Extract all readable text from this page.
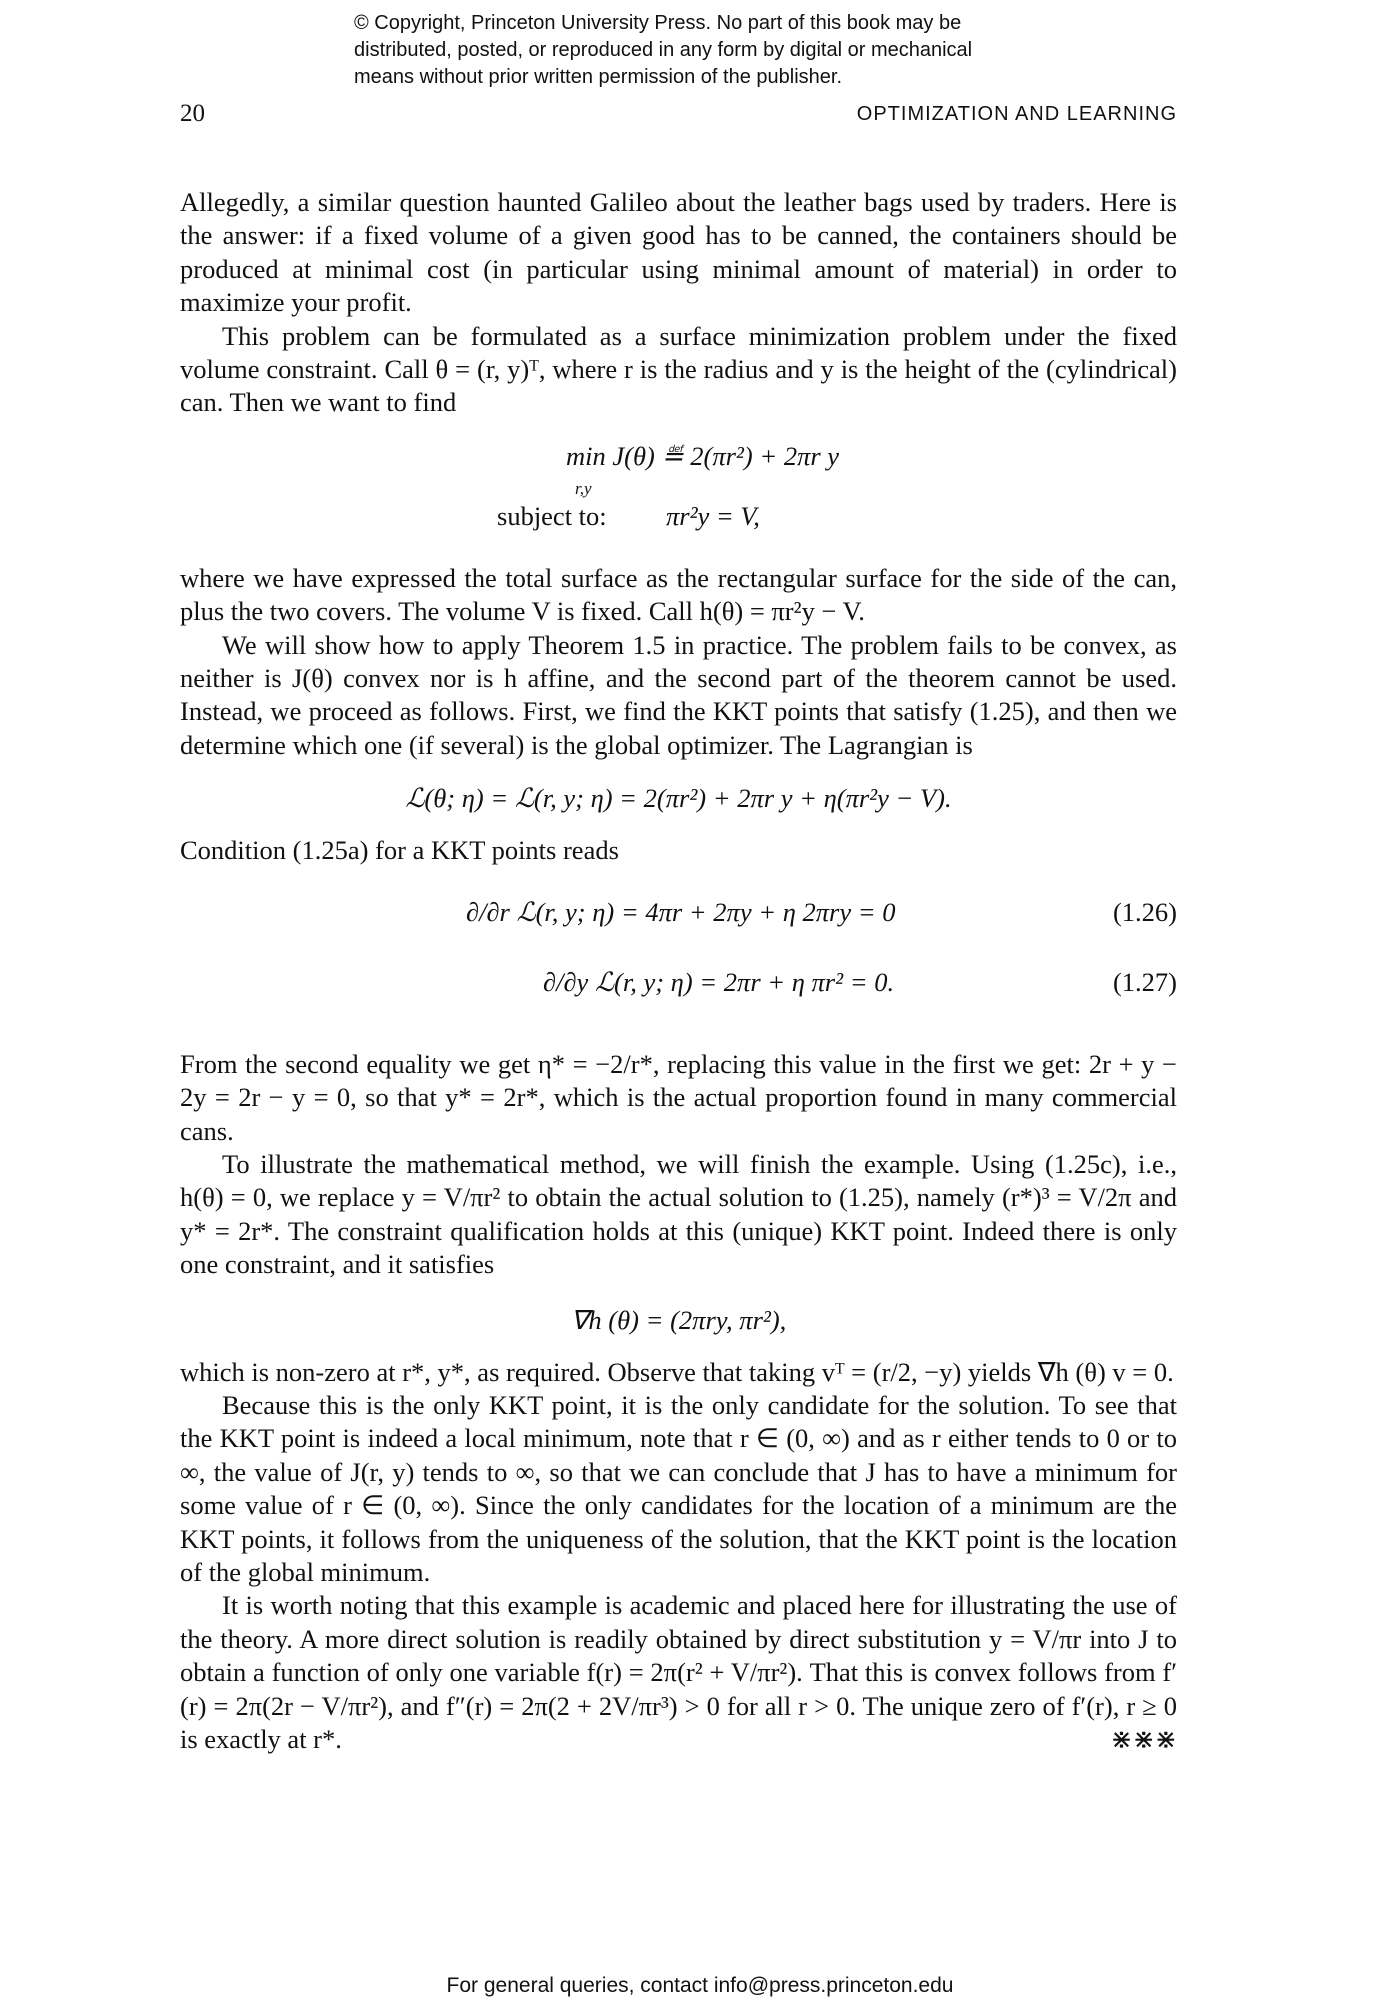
© Copyright, Princeton University Press. No part of this book may be
distributed, posted, or reproduced in any form by digital or mechanical
means without prior written permission of the publisher.
20	OPTIMIZATION AND LEARNING

Allegedly, a similar question haunted Galileo about the leather bags used by traders. Here is the answer: if a fixed volume of a given good has to be canned, the containers should be produced at minimal cost (in particular using minimal amount of material) in order to maximize your profit.

This problem can be formulated as a surface minimization problem under the fixed volume constraint. Call θ = (r, y)ᵀ, where r is the radius and y is the height of the (cylindrical) can. Then we want to find

min J(θ) ≝ 2(πr²) + 2πr y
r,y
subject to: πr²y = V,

where we have expressed the total surface as the rectangular surface for the side of the can, plus the two covers. The volume V is fixed. Call h(θ) = πr²y − V.

We will show how to apply Theorem 1.5 in practice. The problem fails to be convex, as neither is J(θ) convex nor is h affine, and the second part of the theorem cannot be used. Instead, we proceed as follows. First, we find the KKT points that satisfy (1.25), and then we determine which one (if several) is the global optimizer. The Lagrangian is

ℒ(θ; η) = ℒ(r, y; η) = 2(πr²) + 2πr y + η(πr²y − V).

Condition (1.25a) for a KKT points reads

∂/∂r ℒ(r, y; η) = 4πr + 2πy + η 2πry = 0	(1.26)
∂/∂y ℒ(r, y; η) = 2πr + η πr² = 0.	(1.27)

From the second equality we get η* = −2/r*, replacing this value in the first we get: 2r + y − 2y = 2r − y = 0, so that y* = 2r*, which is the actual proportion found in many commercial cans.

To illustrate the mathematical method, we will finish the example. Using (1.25c), i.e., h(θ) = 0, we replace y = V/πr² to obtain the actual solution to (1.25), namely (r*)³ = V/2π and y* = 2r*. The constraint qualification holds at this (unique) KKT point. Indeed there is only one constraint, and it satisfies

∇h (θ) = (2πry, πr²),

which is non-zero at r*, y*, as required. Observe that taking vᵀ = (r/2, −y) yields ∇h (θ) v = 0.

Because this is the only KKT point, it is the only candidate for the solution. To see that the KKT point is indeed a local minimum, note that r ∈ (0, ∞) and as r either tends to 0 or to ∞, the value of J(r, y) tends to ∞, so that we can conclude that J has to have a minimum for some value of r ∈ (0, ∞). Since the only candidates for the location of a minimum are the KKT points, it follows from the uniqueness of the solution, that the KKT point is the location of the global minimum.

It is worth noting that this example is academic and placed here for illustrating the use of the theory. A more direct solution is readily obtained by direct substitution y = V/πr into J to obtain a function of only one variable f(r) = 2π(r² + V/πr²). That this is convex follows from f′(r) = 2π(2r − V/πr²), and f″(r) = 2π(2 + 2V/πr³) > 0 for all r > 0. The unique zero of f′(r), r ≥ 0 is exactly at r*.	⋇⋇⋇
For general queries, contact info@press.princeton.edu
